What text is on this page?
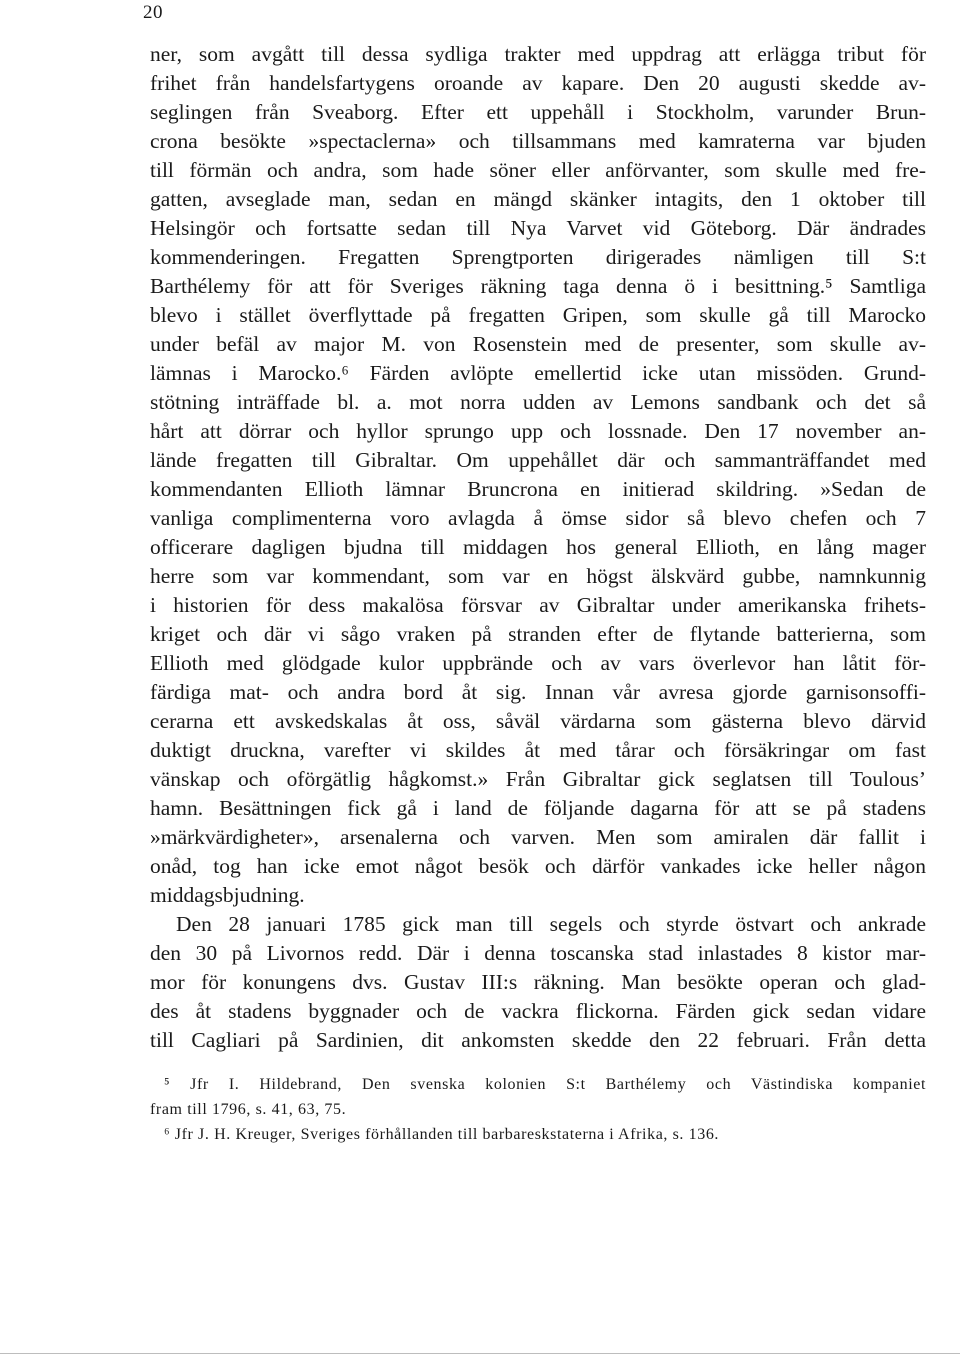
20
ner, som avgått till dessa sydliga trakter med uppdrag att erlägga tribut för
frihet från handelsfartygens oroande av kapare. Den 20 augusti skedde av-
seglingen från Sveaborg. Efter ett uppehåll i Stockholm, varunder Brun-
crona besökte »spectaclerna» och tillsammans med kamraterna var bjuden
till förmän och andra, som hade söner eller anförvanter, som skulle med fre-
gatten, avseglade man, sedan en mängd skänker intagits, den 1 oktober till
Helsingör och fortsatte sedan till Nya Varvet vid Göteborg. Där ändrades
kommenderingen. Fregatten Sprengtporten dirigerades nämligen till S:t
Barthélemy för att för Sveriges räkning taga denna ö i besittning.⁵ Samtliga
blevo i stället överflyttade på fregatten Gripen, som skulle gå till Marocko
under befäl av major M. von Rosenstein med de presenter, som skulle av-
lämnas i Marocko.⁶ Färden avlöpte emellertid icke utan missöden. Grund-
stötning inträffade bl. a. mot norra udden av Lemons sandbank och det så
hårt att dörrar och hyllor sprungo upp och lossnade. Den 17 november an-
lände fregatten till Gibraltar. Om uppehållet där och sammanträffandet med
kommendanten Ellioth lämnar Bruncrona en initierad skildring. »Sedan de
vanliga complimenterna voro avlagda å ömse sidor så blevo chefen och 7
officerare dagligen bjudna till middagen hos general Ellioth, en lång mager
herre som var kommendant, som var en högst älskvärd gubbe, namnkunnig
i historien för dess makalösa försvar av Gibraltar under amerikanska frihets-
kriget och där vi sågo vraken på stranden efter de flytande batterierna, som
Ellioth med glödgade kulor uppbrände och av vars överlevor han låtit för-
färdiga mat- och andra bord åt sig. Innan vår avresa gjorde garnisonsoffi-
cerarna ett avskedskalas åt oss, såväl värdarna som gästerna blevo därvid
duktigt druckna, varefter vi skildes åt med tårar och försäkringar om fast
vänskap och oförgätlig hågkomst.» Från Gibraltar gick seglatsen till Toulous’
hamn. Besättningen fick gå i land de följande dagarna för att se på stadens
»märkvärdigheter», arsenalerna och varven. Men som amiralen där fallit i
onåd, tog han icke emot något besök och därför vankades icke heller någon
middagsbjudning.
Den 28 januari 1785 gick man till segels och styrde östvart och ankrade
den 30 på Livornos redd. Där i denna toscanska stad inlastades 8 kistor mar-
mor för konungens dvs. Gustav III:s räkning. Man besökte operan och glad-
des åt stadens byggnader och de vackra flickorna. Färden gick sedan vidare
till Cagliari på Sardinien, dit ankomsten skedde den 22 februari. Från detta
⁵ Jfr I. Hildebrand, Den svenska kolonien S:t Barthélemy och Västindiska kompaniet
fram till 1796, s. 41, 63, 75.
⁶ Jfr J. H. Kreuger, Sveriges förhållanden till barbareskstaterna i Afrika, s. 136.
